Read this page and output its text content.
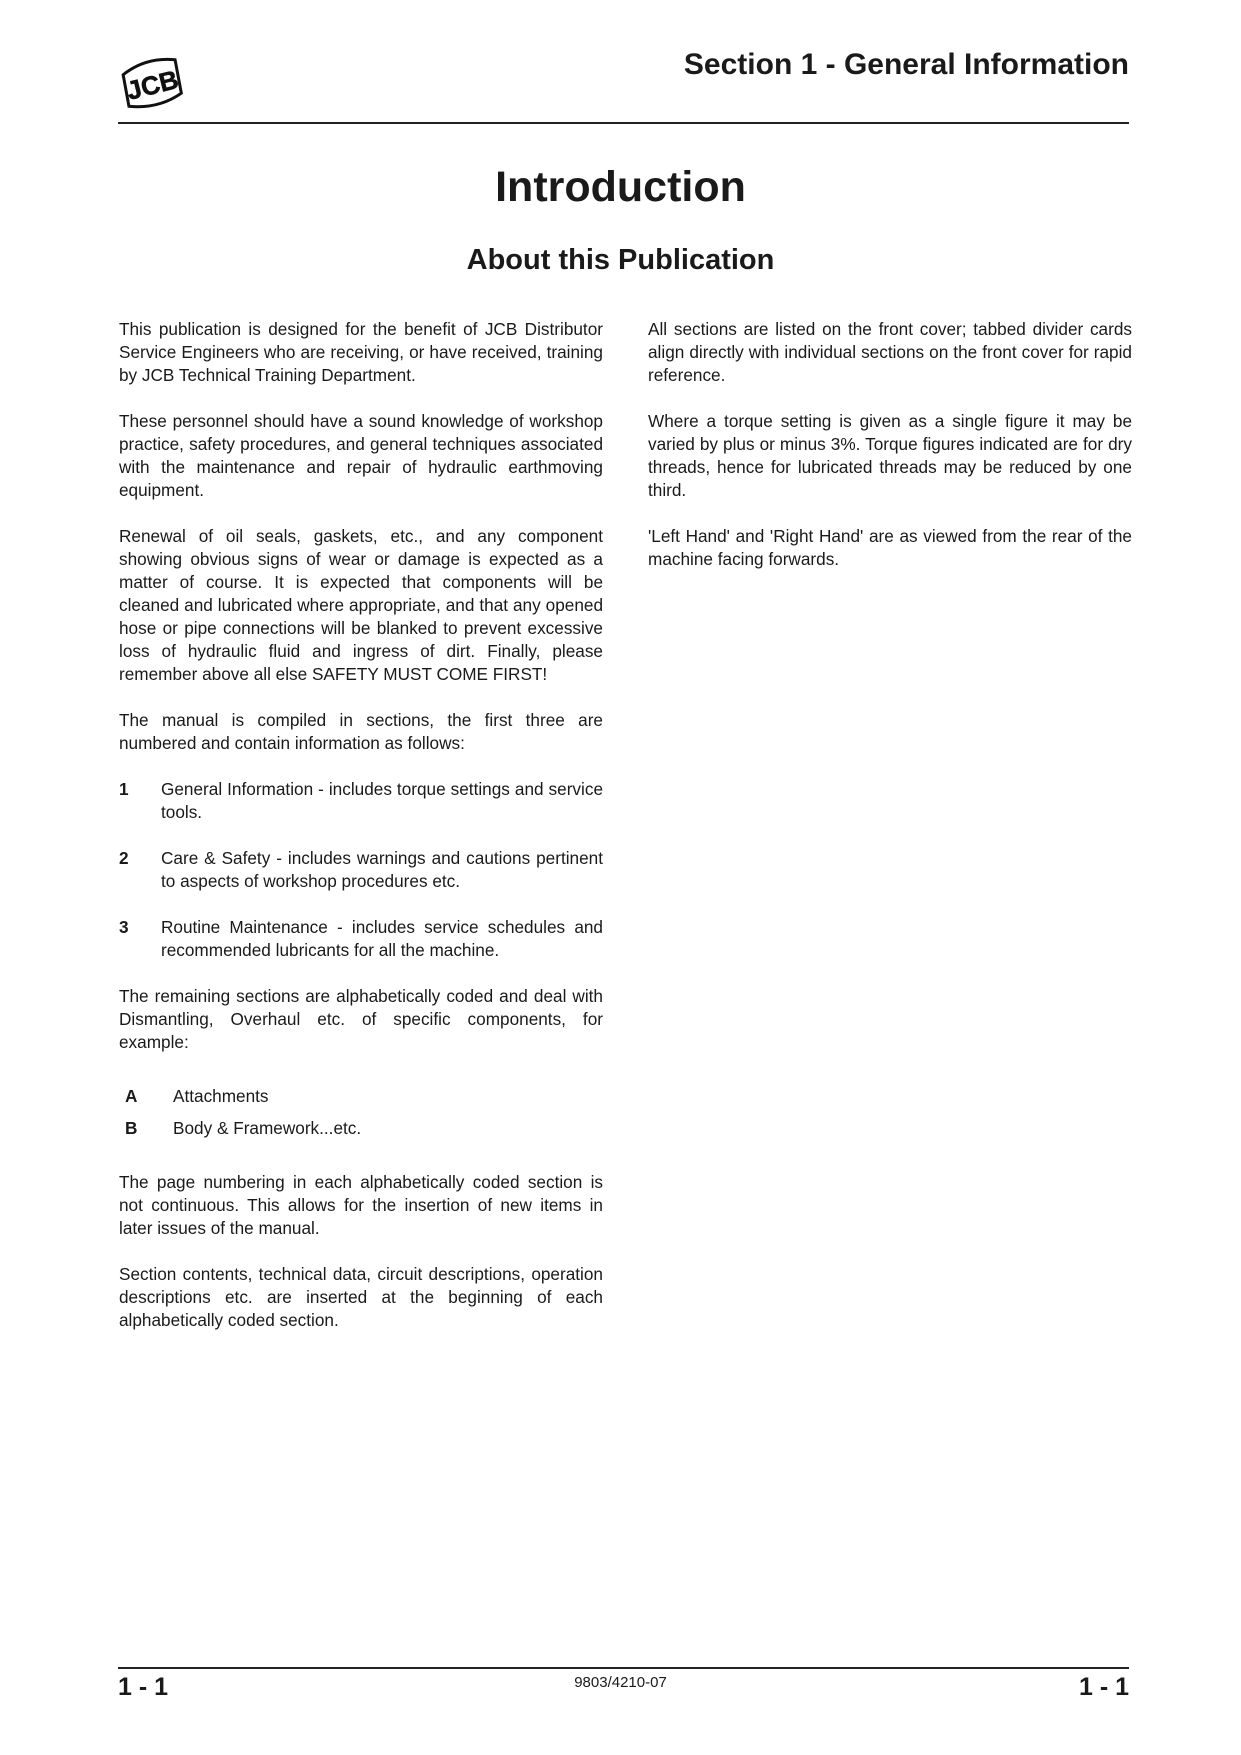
JCB	Section 1 - General Information
Introduction
About this Publication

This publication is designed for the benefit of JCB Distributor Service Engineers who are receiving, or have received, training by JCB Technical Training Department.

These personnel should have a sound knowledge of workshop practice, safety procedures, and general techniques associated with the maintenance and repair of hydraulic earthmoving equipment.

Renewal of oil seals, gaskets, etc., and any component showing obvious signs of wear or damage is expected as a matter of course. It is expected that components will be cleaned and lubricated where appropriate, and that any opened hose or pipe connections will be blanked to prevent excessive loss of hydraulic fluid and ingress of dirt. Finally, please remember above all else SAFETY MUST COME FIRST!

The manual is compiled in sections, the first three are numbered and contain information as follows:

1	General Information - includes torque settings and service tools.
2	Care & Safety - includes warnings and cautions pertinent to aspects of workshop procedures etc.
3	Routine Maintenance - includes service schedules and recommended lubricants for all the machine.

The remaining sections are alphabetically coded and deal with Dismantling, Overhaul etc. of specific components, for example:

A	Attachments
B	Body & Framework...etc.

The page numbering in each alphabetically coded section is not continuous. This allows for the insertion of new items in later issues of the manual.

Section contents, technical data, circuit descriptions, operation descriptions etc. are inserted at the beginning of each alphabetically coded section.

All sections are listed on the front cover; tabbed divider cards align directly with individual sections on the front cover for rapid reference.

Where a torque setting is given as a single figure it may be varied by plus or minus 3%. Torque figures indicated are for dry threads, hence for lubricated threads may be reduced by one third.

'Left Hand' and 'Right Hand' are as viewed from the rear of the machine facing forwards.

1 - 1	9803/4210-07	1 - 1
